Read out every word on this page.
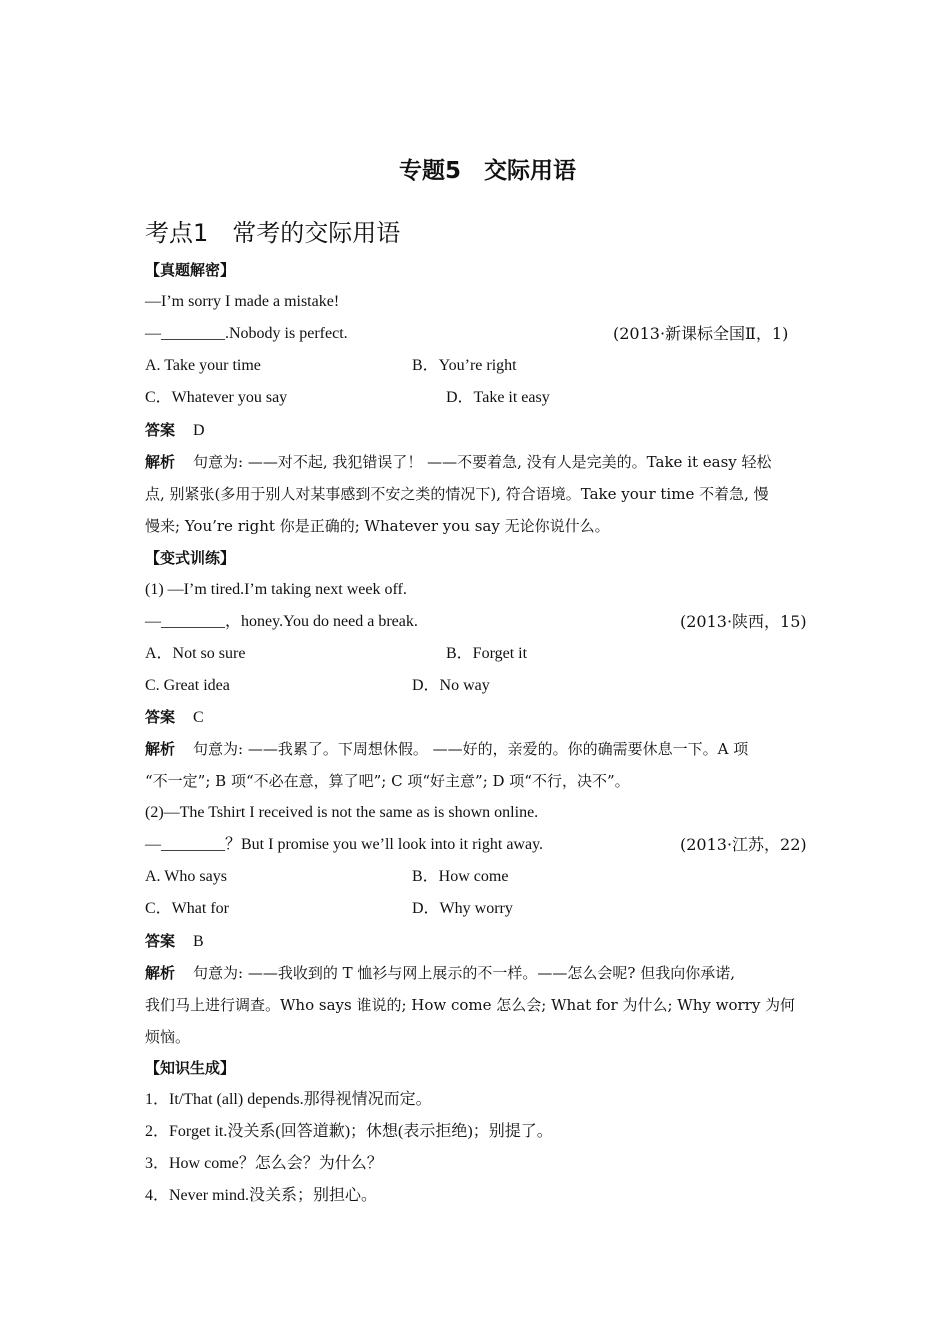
专题5　交际用语
考点1　常考的交际用语
【真题解密】
—I’m sorry I made a mistake!
—________.Nobody is perfect.	(2013·新课标全国Ⅱ，1)
A. Take your time	B．You’re right
C．Whatever you say	D．Take it easy
答案 D
解析 句意为: ——对不起, 我犯错误了！ ——不要着急, 没有人是完美的。Take it easy 轻松
点, 别紧张(多用于别人对某事感到不安之类的情况下), 符合语境。Take your time 不着急, 慢
慢来; You’re right 你是正确的; Whatever you say 无论你说什么。
【变式训练】
(1) —I’m tired.I’m taking next week off.
—________，honey.You do need a break.	(2013·陕西，15)
A．Not so sure	B．Forget it
C. Great idea	D．No way
答案 C
解析 句意为: ——我累了。下周想休假。 ——好的，亲爱的。你的确需要休息一下。A 项
“不一定”; B 项“不必在意，算了吧”; C 项“好主意”; D 项“不行，决不”。
(2)—The Tshirt I received is not the same as is shown online.
—________？But I promise you we’ll look into it right away.	(2013·江苏，22)
A. Who says	B．How come
C．What for	D．Why worry
答案 B
解析 句意为: ——我收到的 T 恤衫与网上展示的不一样。——怎么会呢? 但我向你承诺,
我们马上进行调查。Who says 谁说的; How come 怎么会; What for 为什么; Why worry 为何
烦恼。
【知识生成】
1．It/That (all) depends.那得视情况而定。
2．Forget it.没关系(回答道歉)；休想(表示拒绝)；别提了。
3．How come？怎么会？为什么？
4．Never mind.没关系；别担心。
